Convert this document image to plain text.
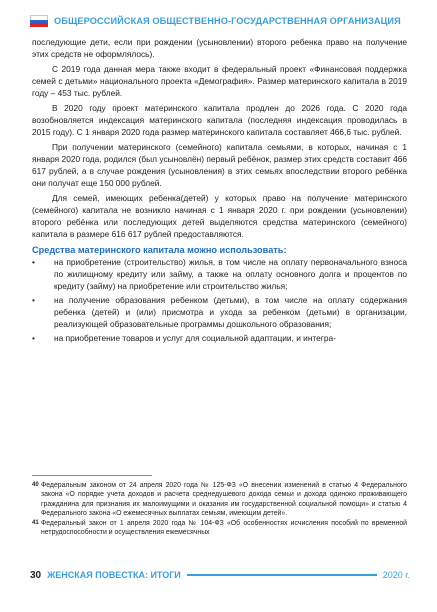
ОБЩЕРОССИЙСКАЯ ОБЩЕСТВЕННО-ГОСУДАРСТВЕННАЯ ОРГАНИЗАЦИЯ

последующие дети, если при рождении (усыновлении) второго ребенка право на получение этих средств не оформлялось).

С 2019 года данная мера также входит в федеральный проект «Финансовая поддержка семей с детьми» национального проекта «Демография». Размер материнского капитала в 2019 году – 453 тыс. рублей.

В 2020 году проект материнского капитала продлен до 2026 года. С 2020 года возобновляется индексация материнского капитала (последняя индексация проводилась в 2015 году). С 1 января 2020 года размер материнского капитала составляет 466,6 тыс. рублей.

При получении материнского (семейного) капитала семьями, в которых, начиная с 1 января 2020 года, родился (был усыновлён) первый ребёнок, размер этих средств составит 466 617 рублей, а в случае рождения (усыновления) в этих семьях впоследствии второго ребёнка они получат еще 150 000 рублей.

Для семей, имеющих ребенка(детей) у которых право на получение материнского (семейного) капитала не возникло начиная с 1 января 2020 г. при рождении (усыновлении) второго ребёнка или последующих детей выделяются средства материнского (семейного) капитала в размере 616 617 рублей предоставляются.

Средства материнского капитала можно использовать:

• на приобретение (строительство) жилья, в том числе на оплату первоначального взноса по жилищному кредиту или займу, а также на оплату основного долга и процентов по кредиту (займу) на приобретение или строительство жилья;
• на получение образования ребенком (детьми), в том числе на оплату содержания ребенка (детей) и (или) присмотра и ухода за ребенком (детьми) в организации, реализующей образовательные программы дошкольного образования;
• на приобретение товаров и услуг для социальной адаптации, и интегра-
40 Федеральным законом от 24 апреля 2020 года № 125-ФЗ «О внесении изменений в статью 4 Федерального закона «О порядке учета доходов и расчета среднедушевого дохода семьи и дохода одиноко проживающего гражданина для признания их малоимущими и оказания им государственной социальной помощи» и статью 4 Федерального закона «О ежемесячных выплатах семьям, имеющим детей».
41 Федеральный закон от 1 апреля 2020 года № 104-ФЗ «Об особенностях исчисления пособий по временной нетрудоспособности и осуществления ежемесячных
30 ЖЕНСКАЯ ПОВЕСТКА: ИТОГИ	2020 г.
